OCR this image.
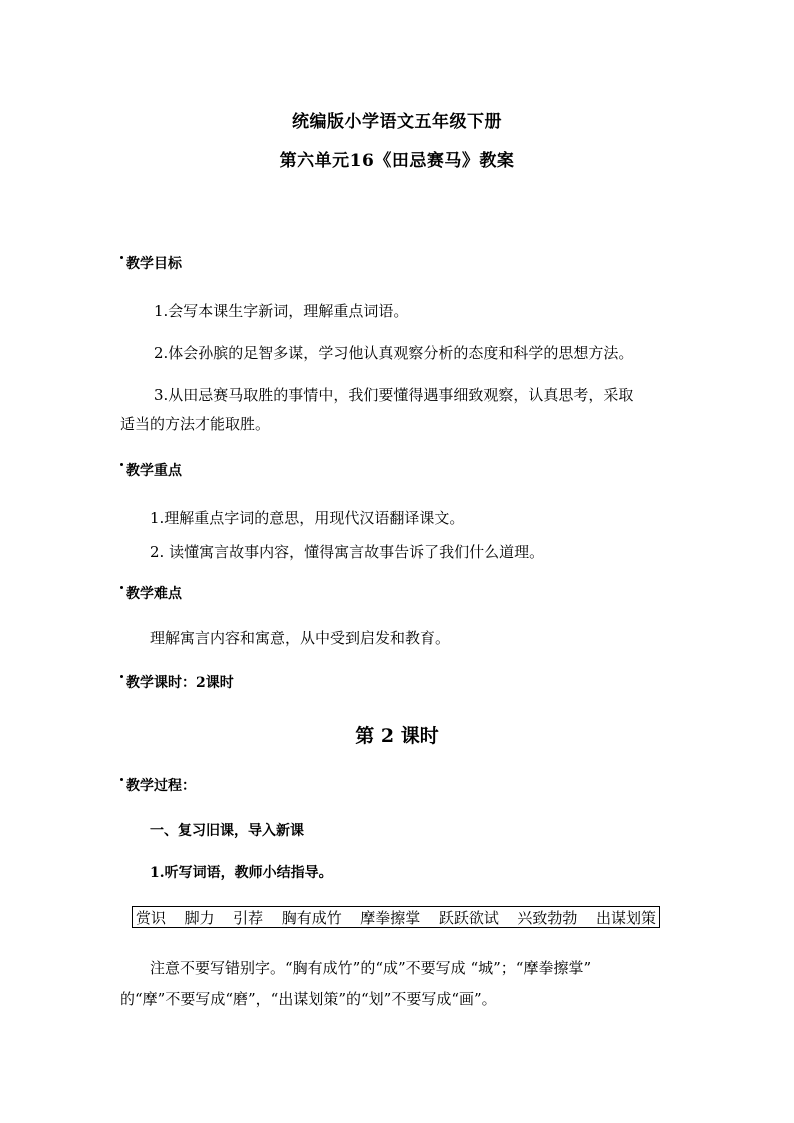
统编版小学语文五年级下册
第六单元16《田忌赛马》教案
教学目标
1.会写本课生字新词，理解重点词语。
2.体会孙膑的足智多谋，学习他认真观察分析的态度和科学的思想方法。
3.从田忌赛马取胜的事情中，我们要懂得遇事细致观察，认真思考，采取
适当的方法才能取胜。
教学重点
1.理解重点字词的意思，用现代汉语翻译课文。
2. 读懂寓言故事内容，懂得寓言故事告诉了我们什么道理。
教学难点
理解寓言内容和寓意，从中受到启发和教育。
教学课时：2课时
第 2 课时
教学过程：
一、复习旧课，导入新课
1.听写词语，教师小结指导。
赏识 脚力 引荐 胸有成竹 摩拳擦掌 跃跃欲试 兴致勃勃 出谋划策
注意不要写错别字。“胸有成竹”的“成”不要写成 “城”；“摩拳擦掌”
的“摩”不要写成“磨”，“出谋划策”的“划”不要写成“画”。
